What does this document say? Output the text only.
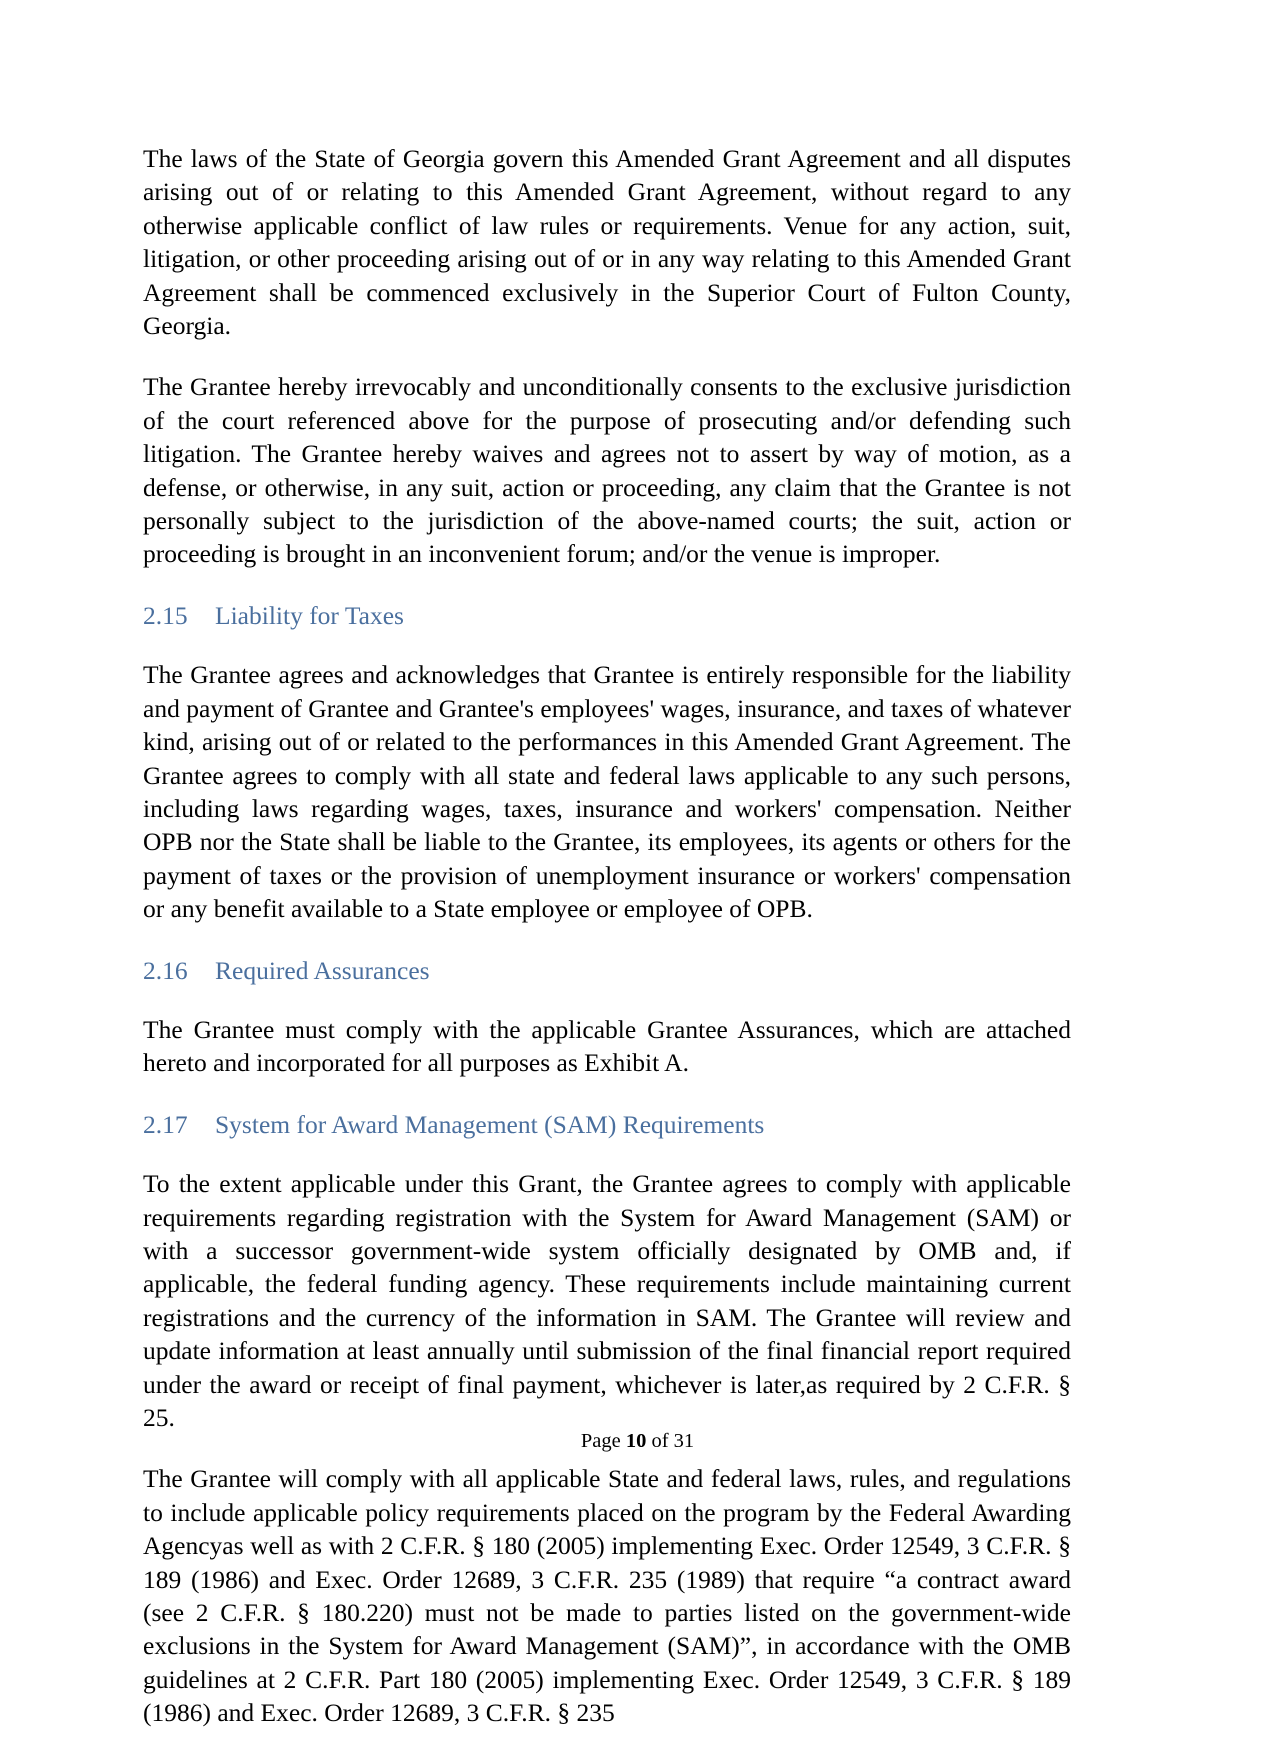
The laws of the State of Georgia govern this Amended Grant Agreement and all disputes arising out of or relating to this Amended Grant Agreement, without regard to any otherwise applicable conflict of law rules or requirements. Venue for any action, suit, litigation, or other proceeding arising out of or in any way relating to this Amended Grant Agreement shall be commenced exclusively in the Superior Court of Fulton County, Georgia.

The Grantee hereby irrevocably and unconditionally consents to the exclusive jurisdiction of the court referenced above for the purpose of prosecuting and/or defending such litigation. The Grantee hereby waives and agrees not to assert by way of motion, as a defense, or otherwise, in any suit, action or proceeding, any claim that the Grantee is not personally subject to the jurisdiction of the above-named courts; the suit, action or proceeding is brought in an inconvenient forum; and/or the venue is improper.

2.15 Liability for Taxes

The Grantee agrees and acknowledges that Grantee is entirely responsible for the liability and payment of Grantee and Grantee's employees' wages, insurance, and taxes of whatever kind, arising out of or related to the performances in this Amended Grant Agreement. The Grantee agrees to comply with all state and federal laws applicable to any such persons, including laws regarding wages, taxes, insurance and workers' compensation. Neither OPB nor the State shall be liable to the Grantee, its employees, its agents or others for the payment of taxes or the provision of unemployment insurance or workers' compensation or any benefit available to a State employee or employee of OPB.

2.16 Required Assurances

The Grantee must comply with the applicable Grantee Assurances, which are attached hereto and incorporated for all purposes as Exhibit A.

2.17 System for Award Management (SAM) Requirements

To the extent applicable under this Grant, the Grantee agrees to comply with applicable requirements regarding registration with the System for Award Management (SAM) or with a successor government-wide system officially designated by OMB and, if applicable, the federal funding agency. These requirements include maintaining current registrations and the currency of the information in SAM. The Grantee will review and update information at least annually until submission of the final financial report required under the award or receipt of final payment, whichever is later,as required by 2 C.F.R. § 25.

The Grantee will comply with all applicable State and federal laws, rules, and regulations to include applicable policy requirements placed on the program by the Federal Awarding Agencyas well as with 2 C.F.R. § 180 (2005) implementing Exec. Order 12549, 3 C.F.R. § 189 (1986) and Exec. Order 12689, 3 C.F.R. 235 (1989) that require “a contract award (see 2 C.F.R. § 180.220) must not be made to parties listed on the government-wide exclusions in the System for Award Management (SAM)”, in accordance with the OMB guidelines at 2 C.F.R. Part 180 (2005) implementing Exec. Order 12549, 3 C.F.R. § 189 (1986) and Exec. Order 12689, 3 C.F.R. § 235

Page 10 of 31
